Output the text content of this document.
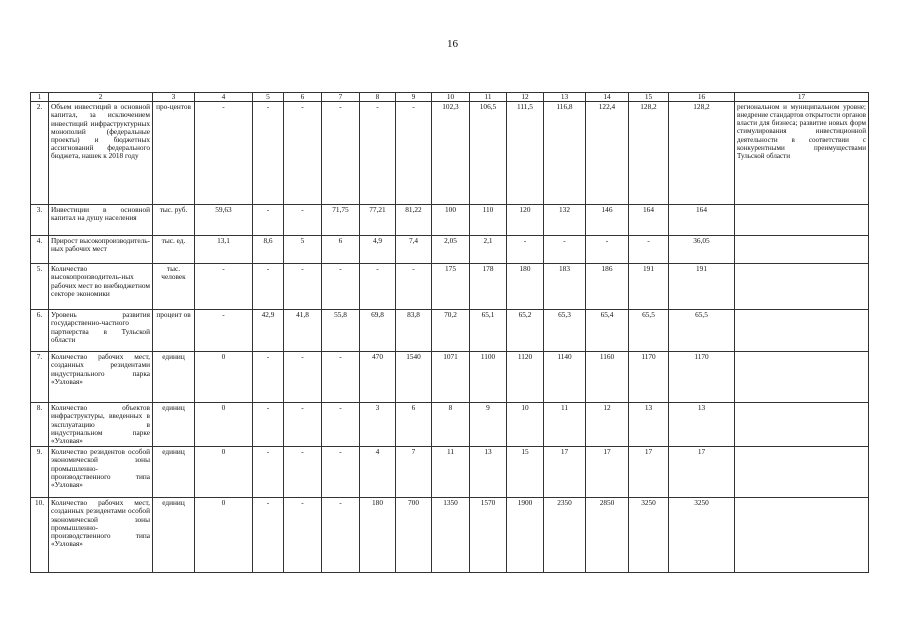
16
1	2	3	4	5	6	7	8	9	10	11	12	13	14	15	16	17
2.	Объем инвестиций в основной капитал, за исключением инвестиций инфраструктурных монополий (федеральные проекты) и бюджетных ассигнований федерального бюджета, нашек к 2018 году	про-центов	-	-	-	-	-	-	102,3	106,5	111,5	116,8	122,4	128,2	128,2	региональном и муниципальном уровне; внедрение стандартов открытости органов власти для бизнеса; развитие новых форм стимулирования инвестиционной деятельности в соответствии с конкурентными преимуществами Тульской области
3.	Инвестиции в основной капитал на душу населения	тыс. руб.	59,63	-	-	71,75	77,21	81,22	100	110	120	132	146	164	164	
4.	Прирост высокопроизводитель-ных рабочих мест	тыс. ед.	13,1	8,6	5	6	4,9	7,4	2,05	2,1	-	-	-	-	36,05	
5.	Количество высокопроизводитель-ных рабочих мест во внебюджетном секторе экономики	тыс. человек	-	-	-	-	-	-	175	178	180	183	186	191	191	
6.	Уровень развития государственно-частного партнерства в Тульской области	процент ов	-	42,9	41,8	55,8	69,8	83,8	70,2	65,1	65,2	65,3	65,4	65,5	65,5	
7.	Количество рабочих мест, созданных резидентами индустриального парка «Узловая»	единиц	0	-	-	-	470	1540	1071	1100	1120	1140	1160	1170	1170	
8.	Количество объектов инфраструктуры, введенных в эксплуатацию в индустриальном парке «Узловая»	единиц	0	-	-	-	3	6	8	9	10	11	12	13	13	
9.	Количество резидентов особой экономической зоны промышленно-производственного типа «Узловая»	единиц	0	-	-	-	4	7	11	13	15	17	17	17	17	
10.	Количество рабочих мест, созданных резидентами особой экономической зоны промышленно-производственного типа «Узловая»	единиц	0	-	-	-	180	700	1350	1570	1900	2350	2850	3250	3250	
